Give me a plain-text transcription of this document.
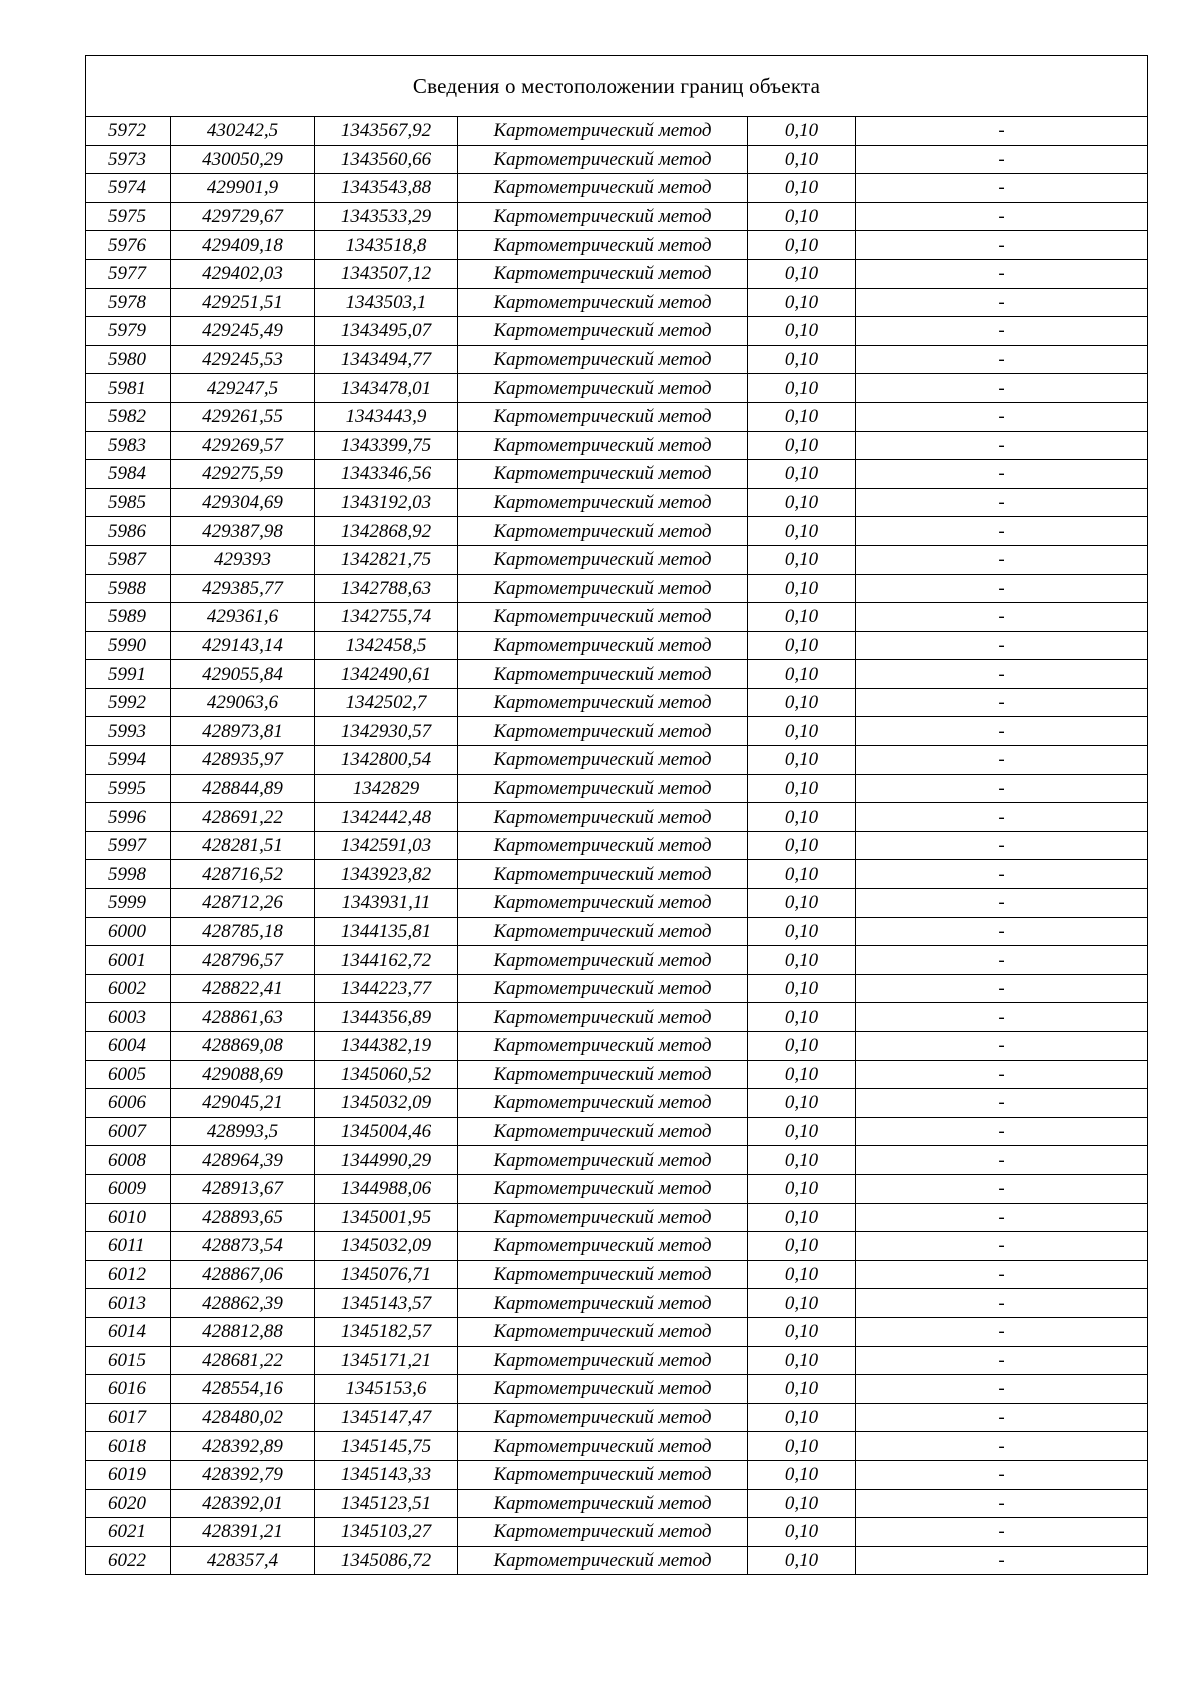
Сведения о местоположении границ объекта					
5972	430242,5	1343567,92	Картометрический метод	0,10	-
5973	430050,29	1343560,66	Картометрический метод	0,10	-
5974	429901,9	1343543,88	Картометрический метод	0,10	-
5975	429729,67	1343533,29	Картометрический метод	0,10	-
5976	429409,18	1343518,8	Картометрический метод	0,10	-
5977	429402,03	1343507,12	Картометрический метод	0,10	-
5978	429251,51	1343503,1	Картометрический метод	0,10	-
5979	429245,49	1343495,07	Картометрический метод	0,10	-
5980	429245,53	1343494,77	Картометрический метод	0,10	-
5981	429247,5	1343478,01	Картометрический метод	0,10	-
5982	429261,55	1343443,9	Картометрический метод	0,10	-
5983	429269,57	1343399,75	Картометрический метод	0,10	-
5984	429275,59	1343346,56	Картометрический метод	0,10	-
5985	429304,69	1343192,03	Картометрический метод	0,10	-
5986	429387,98	1342868,92	Картометрический метод	0,10	-
5987	429393	1342821,75	Картометрический метод	0,10	-
5988	429385,77	1342788,63	Картометрический метод	0,10	-
5989	429361,6	1342755,74	Картометрический метод	0,10	-
5990	429143,14	1342458,5	Картометрический метод	0,10	-
5991	429055,84	1342490,61	Картометрический метод	0,10	-
5992	429063,6	1342502,7	Картометрический метод	0,10	-
5993	428973,81	1342930,57	Картометрический метод	0,10	-
5994	428935,97	1342800,54	Картометрический метод	0,10	-
5995	428844,89	1342829	Картометрический метод	0,10	-
5996	428691,22	1342442,48	Картометрический метод	0,10	-
5997	428281,51	1342591,03	Картометрический метод	0,10	-
5998	428716,52	1343923,82	Картометрический метод	0,10	-
5999	428712,26	1343931,11	Картометрический метод	0,10	-
6000	428785,18	1344135,81	Картометрический метод	0,10	-
6001	428796,57	1344162,72	Картометрический метод	0,10	-
6002	428822,41	1344223,77	Картометрический метод	0,10	-
6003	428861,63	1344356,89	Картометрический метод	0,10	-
6004	428869,08	1344382,19	Картометрический метод	0,10	-
6005	429088,69	1345060,52	Картометрический метод	0,10	-
6006	429045,21	1345032,09	Картометрический метод	0,10	-
6007	428993,5	1345004,46	Картометрический метод	0,10	-
6008	428964,39	1344990,29	Картометрический метод	0,10	-
6009	428913,67	1344988,06	Картометрический метод	0,10	-
6010	428893,65	1345001,95	Картометрический метод	0,10	-
6011	428873,54	1345032,09	Картометрический метод	0,10	-
6012	428867,06	1345076,71	Картометрический метод	0,10	-
6013	428862,39	1345143,57	Картометрический метод	0,10	-
6014	428812,88	1345182,57	Картометрический метод	0,10	-
6015	428681,22	1345171,21	Картометрический метод	0,10	-
6016	428554,16	1345153,6	Картометрический метод	0,10	-
6017	428480,02	1345147,47	Картометрический метод	0,10	-
6018	428392,89	1345145,75	Картометрический метод	0,10	-
6019	428392,79	1345143,33	Картометрический метод	0,10	-
6020	428392,01	1345123,51	Картометрический метод	0,10	-
6021	428391,21	1345103,27	Картометрический метод	0,10	-
6022	428357,4	1345086,72	Картометрический метод	0,10	-
